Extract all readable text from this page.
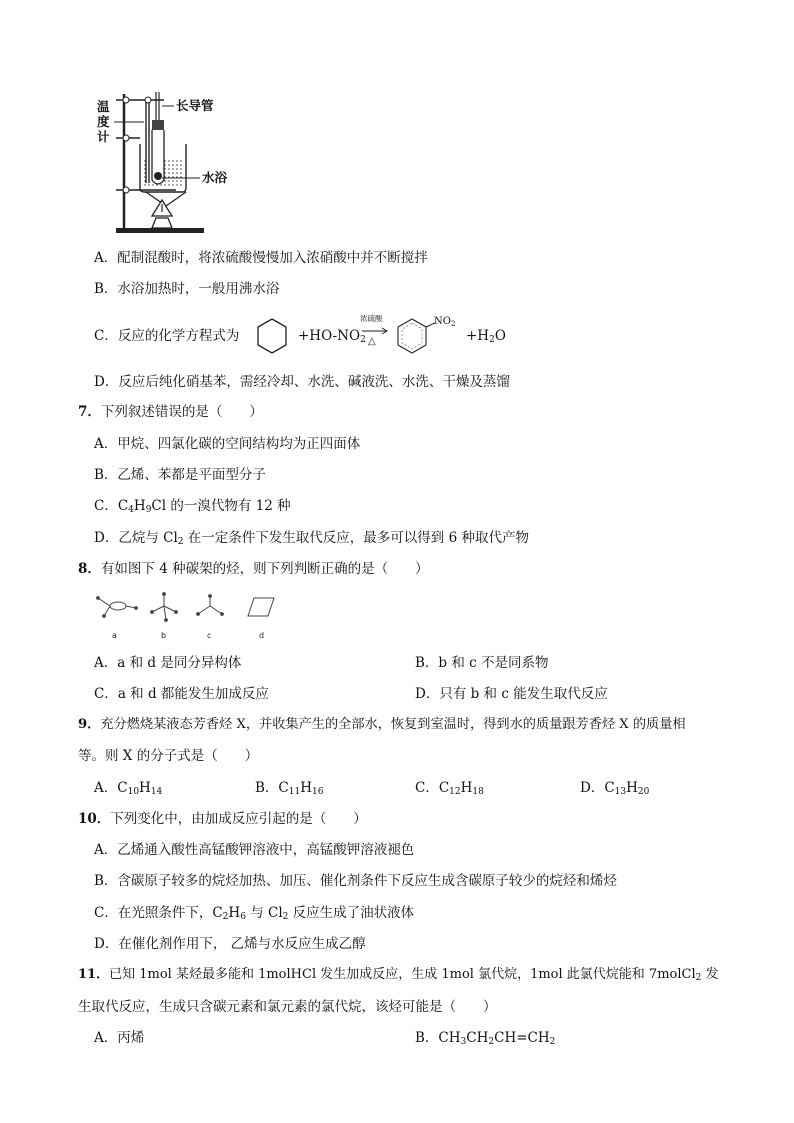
温
度
计
长导管
水浴
A．配制混酸时，将浓硫酸慢慢加入浓硝酸中并不断搅拌
B．水浴加热时，一般用沸水浴
C．反应的化学方程式为	$+HO-NO_2$
浓硫酸
△
$NO_2$
$+H_2O$
D．反应后纯化硝基苯，需经冷却、水洗、碱液洗、水洗、干燥及蒸馏
7．下列叙述错误的是（　　）
A．甲烷、四氯化碳的空间结构均为正四面体
B．乙烯、苯都是平面型分子
C．$C_4H_9Cl$ 的一溴代物有 12 种
D．乙烷与 $Cl_2$ 在一定条件下发生取代反应，最多可以得到 6 种取代产物
8．有如图下 4 种碳架的烃，则下列判断正确的是（　　）
a	b	c	d
A．a 和 d 是同分异构体	B．b 和 c 不是同系物
C．a 和 d 都能发生加成反应	D．只有 b 和 c 能发生取代反应
9．充分燃烧某液态芳香烃 X，并收集产生的全部水，恢复到室温时，得到水的质量跟芳香烃 X 的质量相
等。则 X 的分子式是（　　）
A．$C_{10}H_{14}$	B．$C_{11}H_{16}$	C．$C_{12}H_{18}$	D．$C_{13}H_{20}$
10．下列变化中，由加成反应引起的是（　　）
A．乙烯通入酸性高锰酸钾溶液中，高锰酸钾溶液褪色
B．含碳原子较多的烷烃加热、加压、催化剂条件下反应生成含碳原子较少的烷烃和烯烃
C．在光照条件下，$C_2H_6$ 与 $Cl_2$ 反应生成了油状液体
D．在催化剂作用下， 乙烯与水反应生成乙醇
11．已知 1mol 某烃最多能和 1molHCl 发生加成反应，生成 1mol 氯代烷，1mol 此氯代烷能和 7molCl$_2$ 发
生取代反应，生成只含碳元素和氯元素的氯代烷，该烃可能是（　　）
A．丙烯	B．$CH_3CH_2CH=CH_2$
